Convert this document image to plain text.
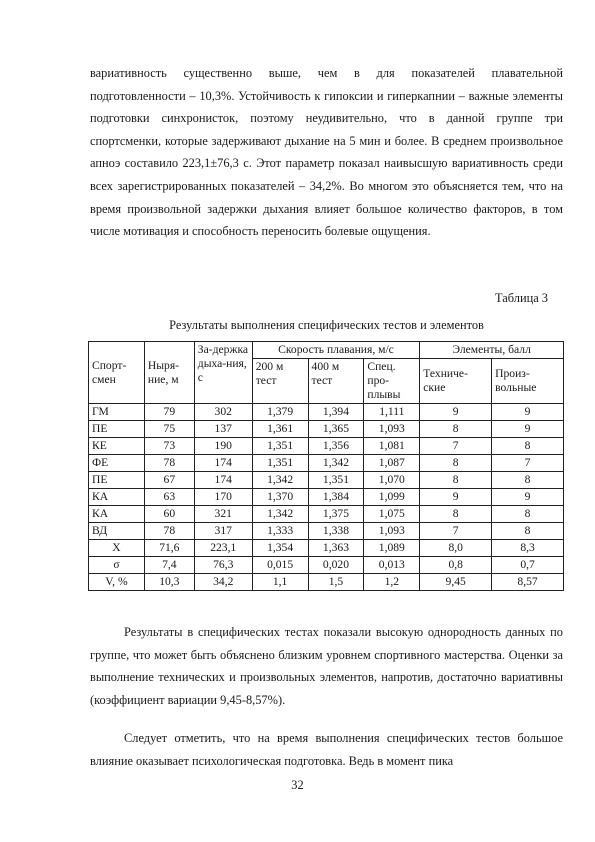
вариативность существенно выше, чем в для показателей плавательной подготовленности – 10,3%. Устойчивость к гипоксии и гиперкапнии – важные элементы подготовки синхронисток, поэтому неудивительно, что в данной группе три спортсменки, которые задерживают дыхание на 5 мин и более. В среднем произвольное апноэ составило 223,1±76,3 с. Этот параметр показал наивысшую вариативность среди всех зарегистрированных показателей – 34,2%. Во многом это объясняется тем, что на время произвольной задержки дыхания влияет большое количество факторов, в том числе мотивация и способность переносить болевые ощущения.

Таблица 3
Результаты выполнения специфических тестов и элементов
Спорт-смен	Ныря-ние, м	За-держка дыха-ния, с	Скорость плавания, м/с			Элементы, балл	
			200 м тест	400 м тест	Спец. про-плывы	Техниче-ские	Произ-вольные
ГМ	79	302	1,379	1,394	1,111	9	9
ПЕ	75	137	1,361	1,365	1,093	8	9
КЕ	73	190	1,351	1,356	1,081	7	8
ФЕ	78	174	1,351	1,342	1,087	8	7
ПЕ	67	174	1,342	1,351	1,070	8	8
КА	63	170	1,370	1,384	1,099	9	9
КА	60	321	1,342	1,375	1,075	8	8
ВД	78	317	1,333	1,338	1,093	7	8
X	71,6	223,1	1,354	1,363	1,089	8,0	8,3
σ	7,4	76,3	0,015	0,020	0,013	0,8	0,7
V, %	10,3	34,2	1,1	1,5	1,2	9,45	8,57

Результаты в специфических тестах показали высокую однородность данных по группе, что может быть объяснено близким уровнем спортивного мастерства. Оценки за выполнение технических и произвольных элементов, напротив, достаточно вариативны (коэффициент вариации 9,45-8,57%).

Следует отметить, что на время выполнения специфических тестов большое влияние оказывает психологическая подготовка. Ведь в момент пика

32
